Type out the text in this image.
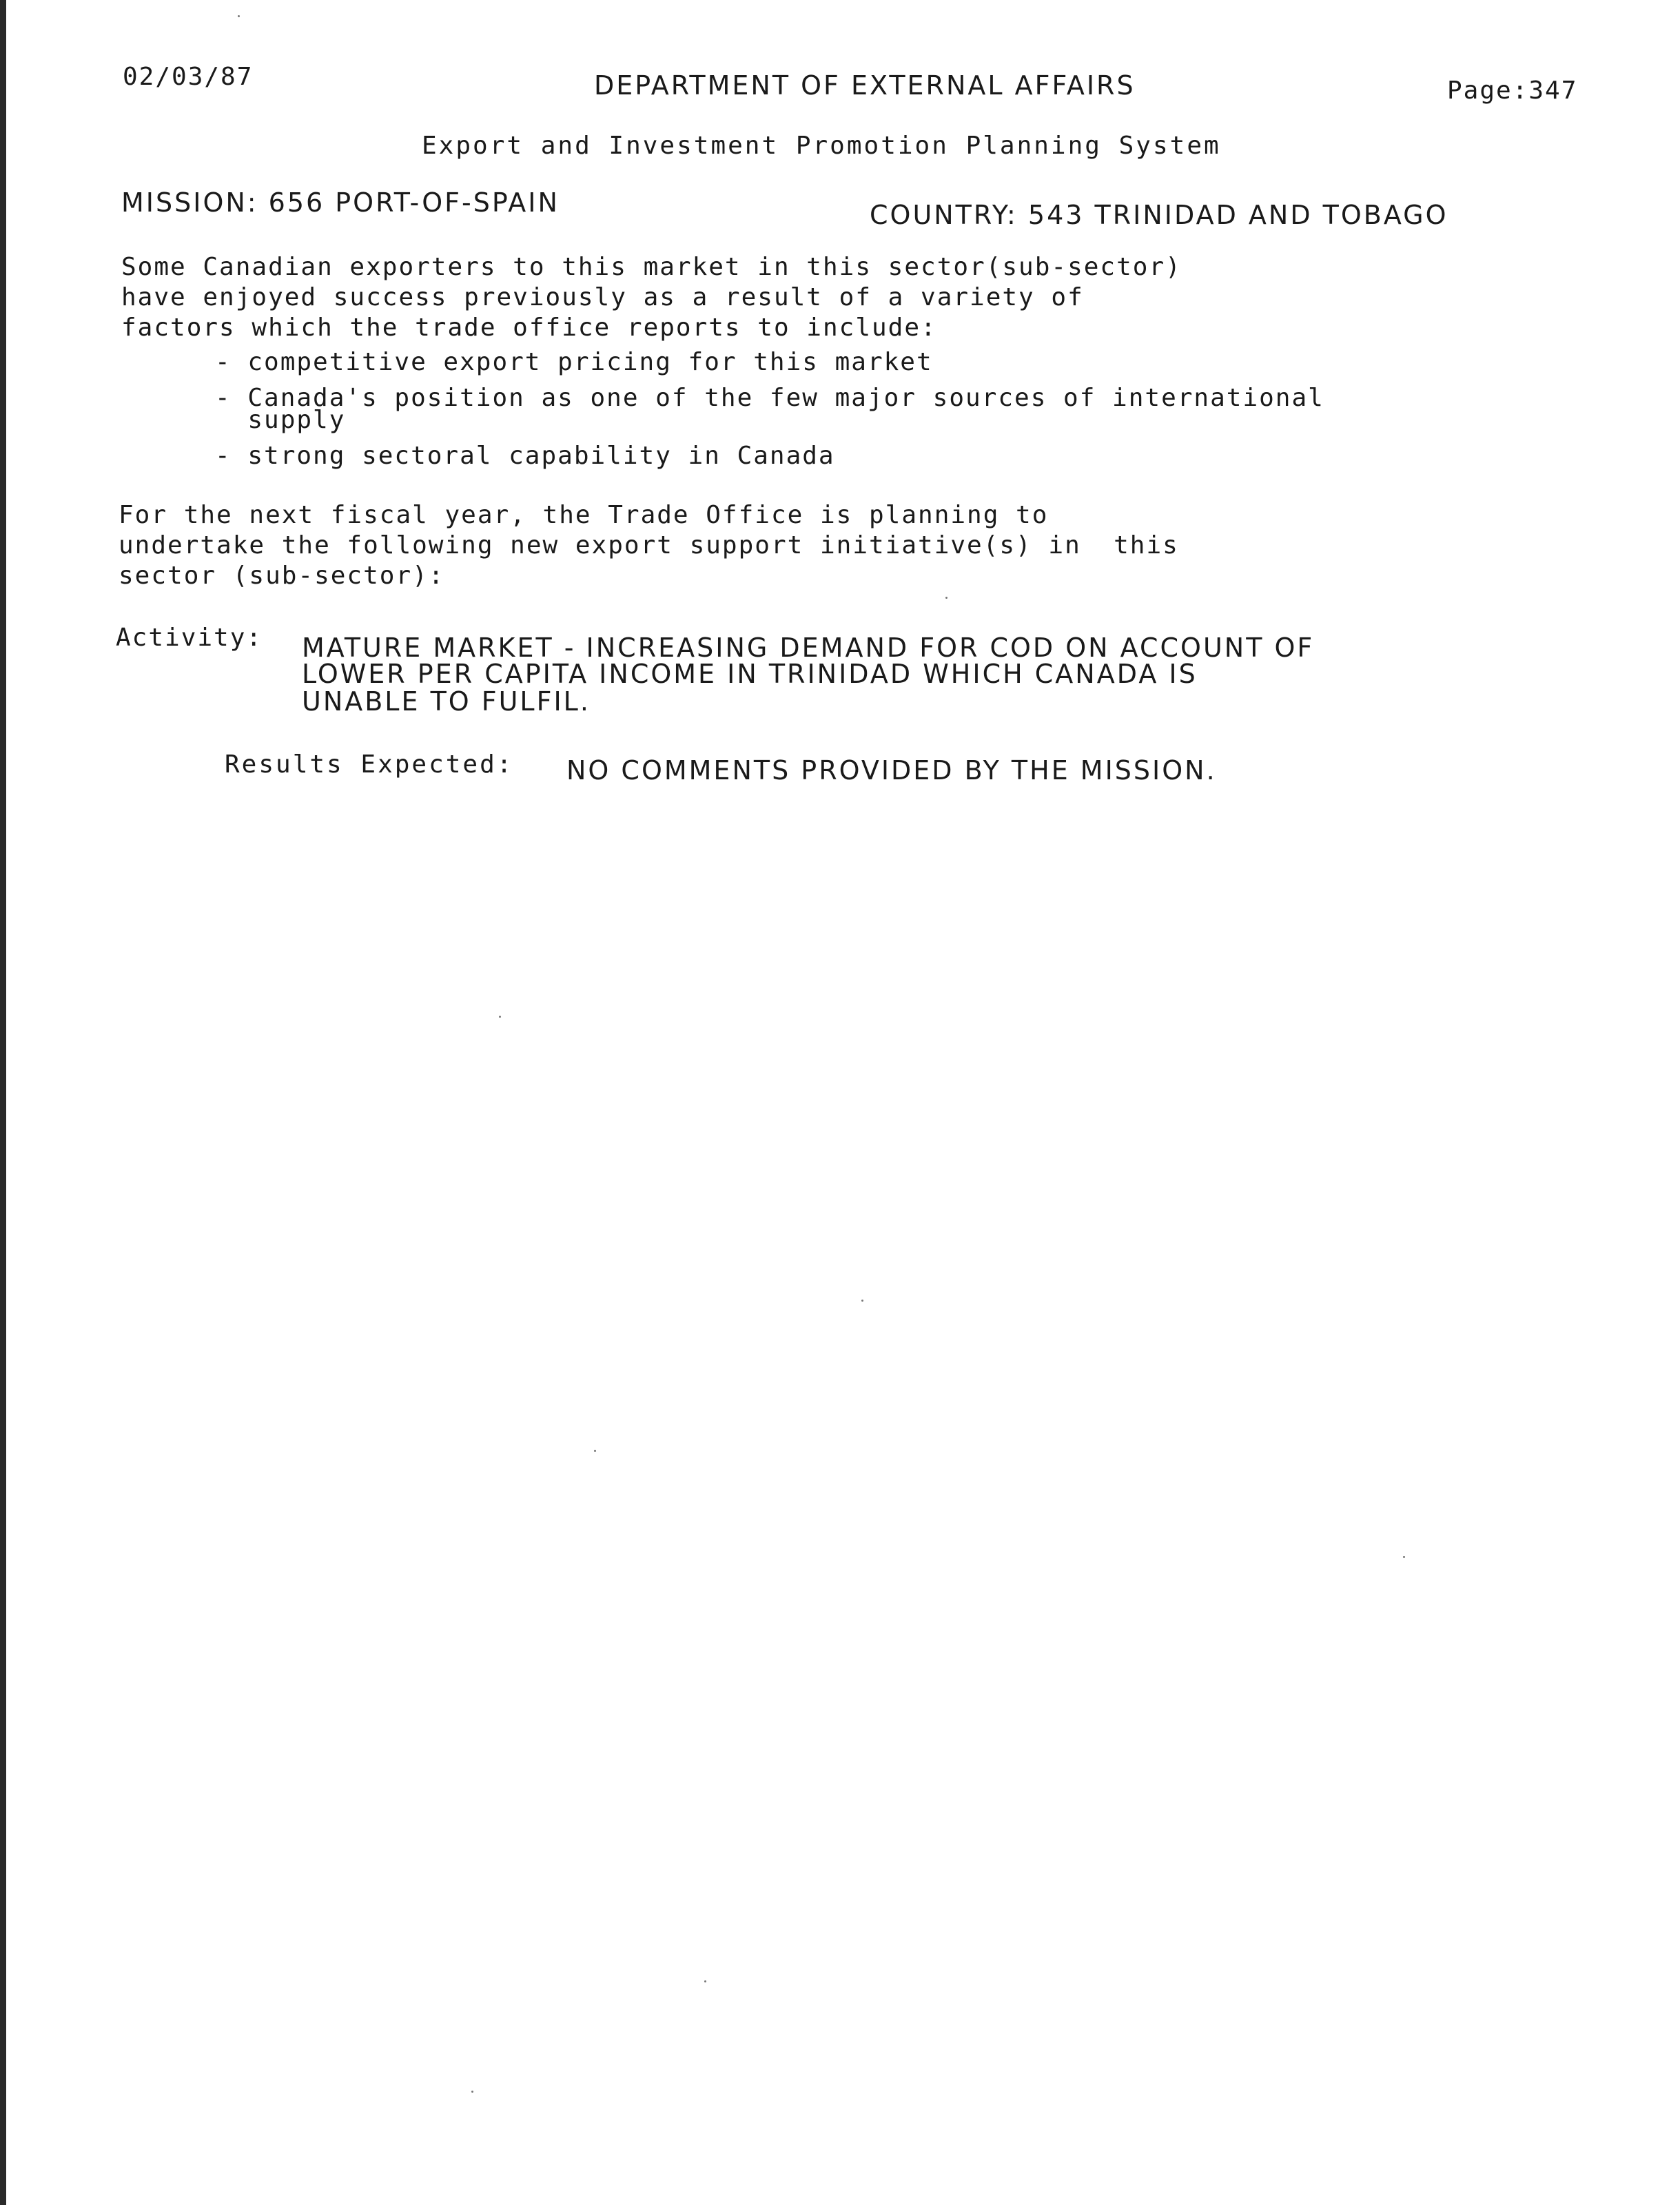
02/03/87	DEPARTMENT OF EXTERNAL AFFAIRS	Page:347
Export and Investment Promotion Planning System
MISSION: 656 PORT-OF-SPAIN	COUNTRY: 543 TRINIDAD AND TOBAGO
Some Canadian exporters to this market in this sector(sub-sector)
have enjoyed success previously as a result of a variety of
factors which the trade office reports to include:
- competitive export pricing for this market
- Canada's position as one of the few major sources of international
supply
- strong sectoral capability in Canada
For the next fiscal year, the Trade Office is planning to
undertake the following new export support initiative(s) in  this
sector (sub-sector):
Activity: MATURE MARKET - INCREASING DEMAND FOR COD ON ACCOUNT OF
LOWER PER CAPITA INCOME IN TRINIDAD WHICH CANADA IS
UNABLE TO FULFIL.
Results Expected: NO COMMENTS PROVIDED BY THE MISSION.
